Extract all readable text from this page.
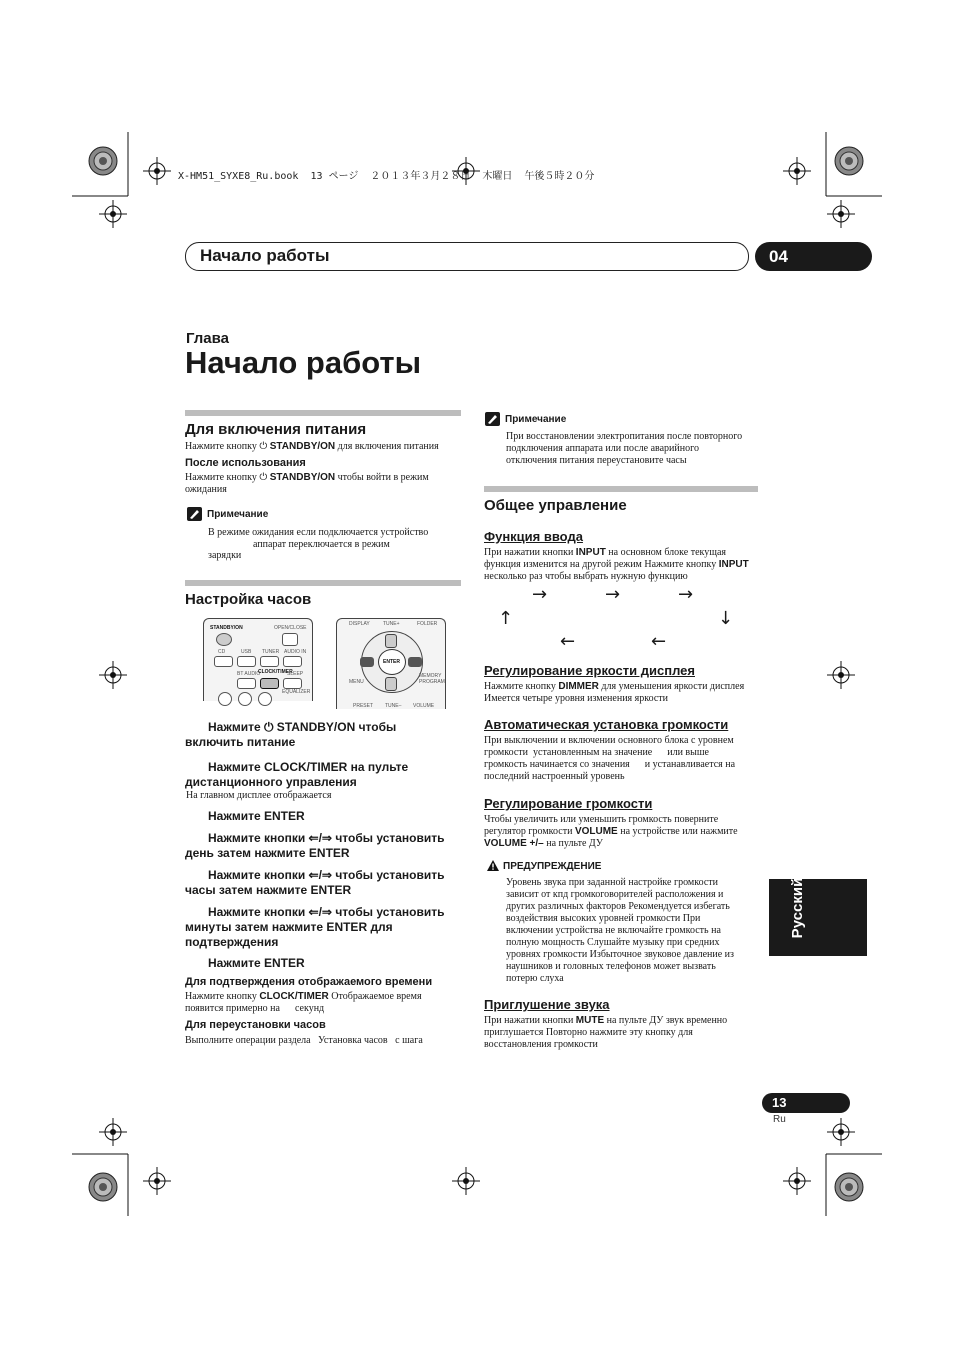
X-HM51_SYXE8_Ru.book  13 ページ  ２０１３年３月２８日  木曜日  午後５時２０分
Начало работы	04
Глава
Начало работы
Для включения питания

Нажмите кнопку ⏻ STANDBY/ON для включения питания

После использования

Нажмите кнопку ⏻ STANDBY/ON чтобы войти в режим
ожидания

Примечание

В режиме ожидания если подключается устройство

аппарат переключается в режим

зарядки

Настройка часов
STANDBY/ON	OPEN/CLOSE
CD	USB TUNER AUDIO IN
BT AUDIO
CLOCK/TIMER
SLEEP
EQUALIZER
DISPLAY	TUNE+	FOLDER
ENTER
MENU
MEMORY
PROGRAM
PRESET TUNE– VOLUME
Нажмите ⏻ STANDBY/ON чтобы
включить питание
Нажмите CLOCK/TIMER на пульте
дистанционного управления

На главном дисплее отображается

Нажмите ENTER
Нажмите кнопки ⇐/⇒ чтобы установить
день затем нажмите ENTER
Нажмите кнопки ⇐/⇒ чтобы установить
часы затем нажмите ENTER
Нажмите кнопки ⇐/⇒ чтобы установить
минуты затем нажмите ENTER для
подтверждения
Нажмите ENTER
Для подтверждения отображаемого времени

Нажмите кнопку CLOCK/TIMER Отображаемое время
появится примерно на      секунд

Для переустановки часов

Выполните операции раздела   Установка часов   с шага

Примечание

При восстановлении электропитания после повторного

подключения аппарата или после аварийного

отключения питания переустановите часы

Общее управление
Функция ввода

При нажатии кнопки INPUT на основном блоке текущая
функция изменится на другой режим Нажмите кнопку INPUT
несколько раз чтобы выбрать нужную функцию

→	→	→
↑	↓
←	←
Регулирование яркости дисплея

Нажмите кнопку DIMMER для уменьшения яркости дисплея
Имеется четыре уровня изменения яркости

Автоматическая установка громкости

При выключении и включении основного блока с уровнем

громкости  установленным на значение      или выше

громкость начинается со значения      и устанавливается на

последний настроенный уровень

Регулирование громкости

Чтобы увеличить или уменьшить громкость поверните
регулятор громкости VOLUME на устройстве или нажмите
VOLUME +/– на пульте ДУ

ПРЕДУПРЕЖДЕНИЕ

Уровень звука при заданной настройке громкости

зависит от кпд громкоговорителей расположения и

других различных факторов Рекомендуется избегать

воздействия высоких уровней громкости При

включении устройства не включайте громкость на

полную мощность Слушайте музыку при средних

уровнях громкости Избыточное звуковое давление из

наушников и головных телефонов может вызвать

потерю слуха

Приглушение звука

При нажатии кнопки MUTE на пульте ДУ звук временно
приглушается Повторно нажмите эту кнопку для
восстановления громкости

Русский
13
Ru
